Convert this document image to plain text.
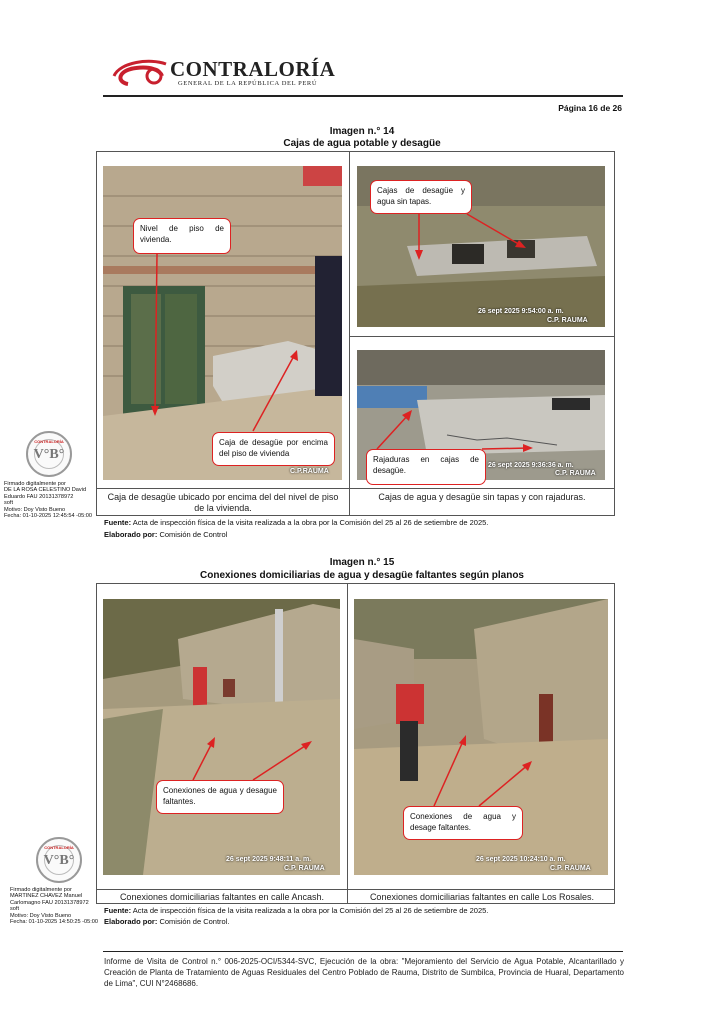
CONTRALORÍA
GENERAL DE LA REPÚBLICA DEL PERÚ
Página 16 de 26
Imagen n.° 14
Cajas de agua potable y desagüe
Nivel de piso de vivienda.
Caja de desagüe por encima del piso de vivienda
C.P.RAUMA
Cajas de desagüe y agua sin tapas.
26 sept 2025 9:54:00 a. m.
C.P. RAUMA
Rajaduras en cajas de desagüe.
26 sept 2025 9:36:36 a. m.
C.P. RAUMA
Caja de desagüe ubicado por encima del del nivel de piso de la vivienda.
Cajas de agua y desagüe sin tapas y con rajaduras.
Fuente: Acta de inspección física de la visita realizada a la obra por la Comisión del 25 al 26 de setiembre de 2025.
Elaborado por: Comisión de Control
CONTRALORÍA
V°B°
Firmado digitalmente por
DE LA ROSA CELESTINO David
Eduardo FAU 20131378972
soft
Motivo: Doy Visto Bueno
Fecha: 01-10-2025 12:45:54 -05:00
Imagen n.° 15
Conexiones domiciliarias de agua y desagüe faltantes según planos
Conexiones de agua y desague faltantes.
26 sept 2025 9:48:11 a. m.
C.P. RAUMA
Conexiones de agua y desage faltantes.
26 sept 2025 10:24:10 a. m.
C.P. RAUMA
Conexiones domiciliarias faltantes en calle Ancash.	Conexiones domiciliarias faltantes en calle Los Rosales.
Fuente: Acta de inspección física de la visita realizada a la obra por la Comisión del 25 al 26 de setiembre de 2025.
Elaborado por: Comisión de Control.
CONTRALORÍA
V°B°
Firmado digitalmente por
MARTINEZ CHAVEZ Manuel
Carlomagno FAU 20131378972
soft
Motivo: Doy Visto Bueno
Fecha: 01-10-2025 14:50:25 -05:00
Informe de Visita de Control n.° 006-2025-OCI/5344-SVC, Ejecución de la obra: "Mejoramiento del Servicio de Agua Potable, Alcantarillado y Creación de Planta de Tratamiento de Aguas Residuales del Centro Poblado de Rauma, Distrito de Sumbilca, Provincia de Huaral, Departamento de Lima", CUI N°2468686.
